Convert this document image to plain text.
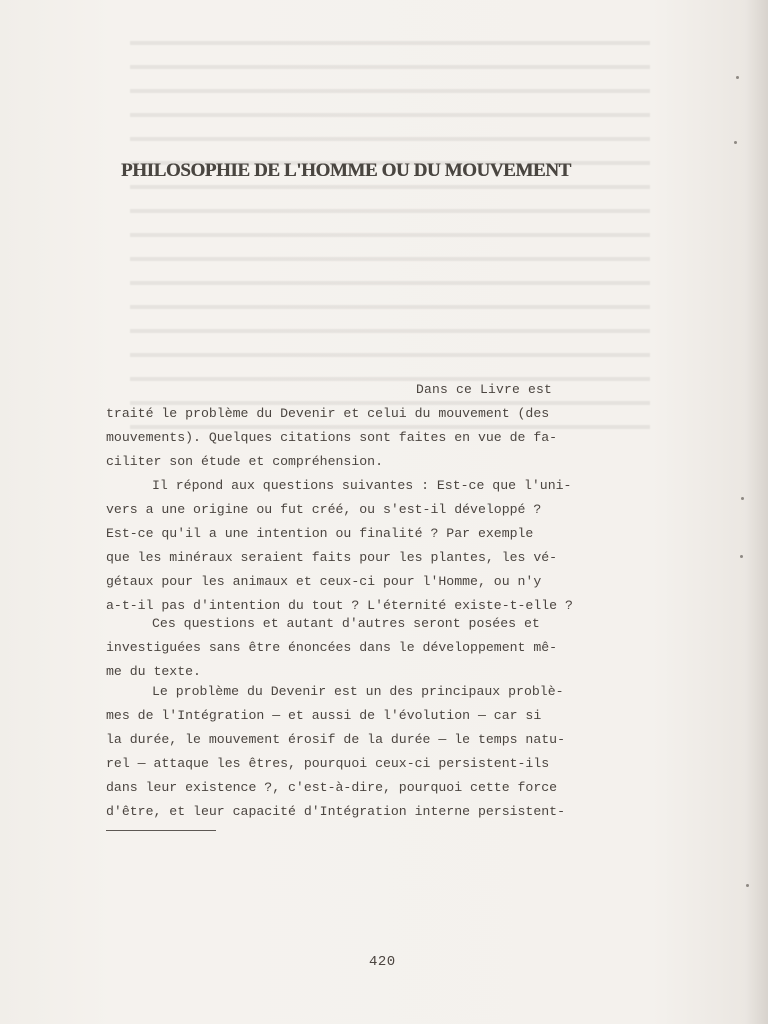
PHILOSOPHIE DE L'HOMME OU DU MOUVEMENT
Dans ce Livre est
traité le problème du Devenir et celui du mouvement (des
mouvements). Quelques citations sont faites en vue de fa-
ciliter son étude et compréhension.
Il répond aux questions suivantes : Est-ce que l'uni-
vers a une origine ou fut créé, ou s'est-il développé ?
Est-ce qu'il a une intention ou finalité ? Par exemple
que les minéraux seraient faits pour les plantes, les vé-
gétaux pour les animaux et ceux-ci pour l'Homme, ou n'y
a-t-il pas d'intention du tout ? L'éternité existe-t-elle ?
Ces questions et autant d'autres seront posées et
investiguées sans être énoncées dans le développement mê-
me du texte.
Le problème du Devenir est un des principaux problè-
mes de l'Intégration — et aussi de l'évolution — car si
la durée, le mouvement érosif de la durée — le temps natu-
rel — attaque les êtres, pourquoi ceux-ci persistent-ils
dans leur existence ?, c'est-à-dire, pourquoi cette force
d'être, et leur capacité d'Intégration interne persistent-
420
